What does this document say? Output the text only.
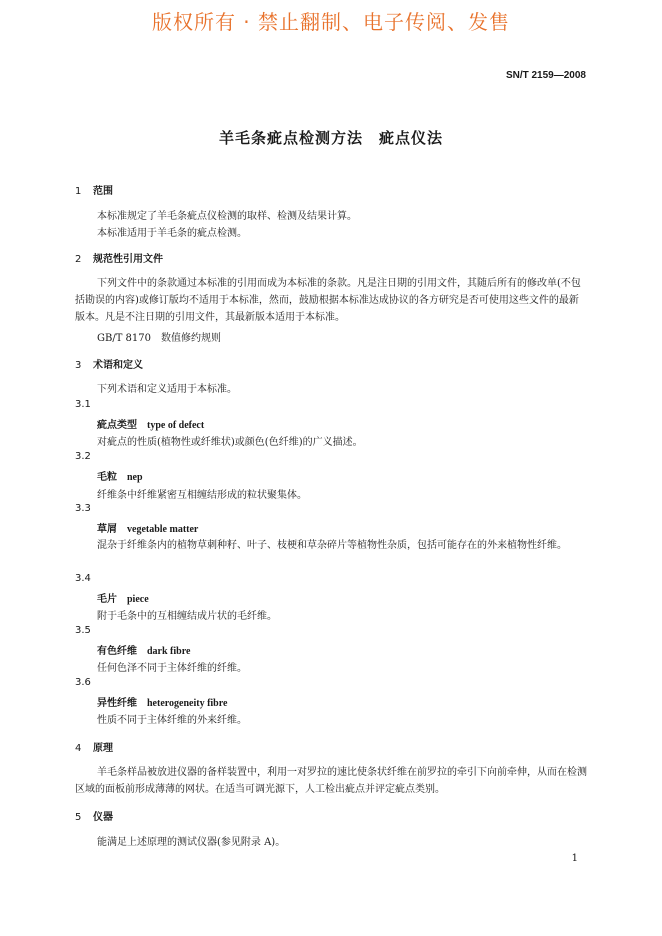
版权所有 · 禁止翻制、电子传阅、发售
SN/T 2159—2008
羊毛条疵点检测方法　疵点仪法
1 范围
本标准规定了羊毛条疵点仪检测的取样、检测及结果计算。
本标准适用于羊毛条的疵点检测。
2 规范性引用文件
下列文件中的条款通过本标准的引用而成为本标准的条款。凡是注日期的引用文件，其随后所有的修改单(不包括勘误的内容)或修订版均不适用于本标准，然而，鼓励根据本标准达成协议的各方研究是否可使用这些文件的最新版本。凡是不注日期的引用文件，其最新版本适用于本标准。
GB/T 8170　数值修约规则
3 术语和定义
下列术语和定义适用于本标准。
3.1
疵点类型 type of defect
对疵点的性质(植物性或纤维状)或颜色(色纤维)的广义描述。
3.2
毛粒 nep
纤维条中纤维紧密互相缠结形成的粒状聚集体。
3.3
草屑 vegetable matter
混杂于纤维条内的植物草刺种籽、叶子、枝梗和草杂碎片等植物性杂质，包括可能存在的外来植物性纤维。
3.4
毛片 piece
附于毛条中的互相缠结成片状的毛纤维。
3.5
有色纤维 dark fibre
任何色泽不同于主体纤维的纤维。
3.6
异性纤维 heterogeneity fibre
性质不同于主体纤维的外来纤维。
4 原理
羊毛条样品被放进仪器的备样装置中，利用一对罗拉的速比使条状纤维在前罗拉的牵引下向前牵伸，从而在检测区域的面板前形成薄薄的网状。在适当可调光源下，人工检出疵点并评定疵点类别。
5 仪器
能满足上述原理的测试仪器(参见附录 A)。
1
